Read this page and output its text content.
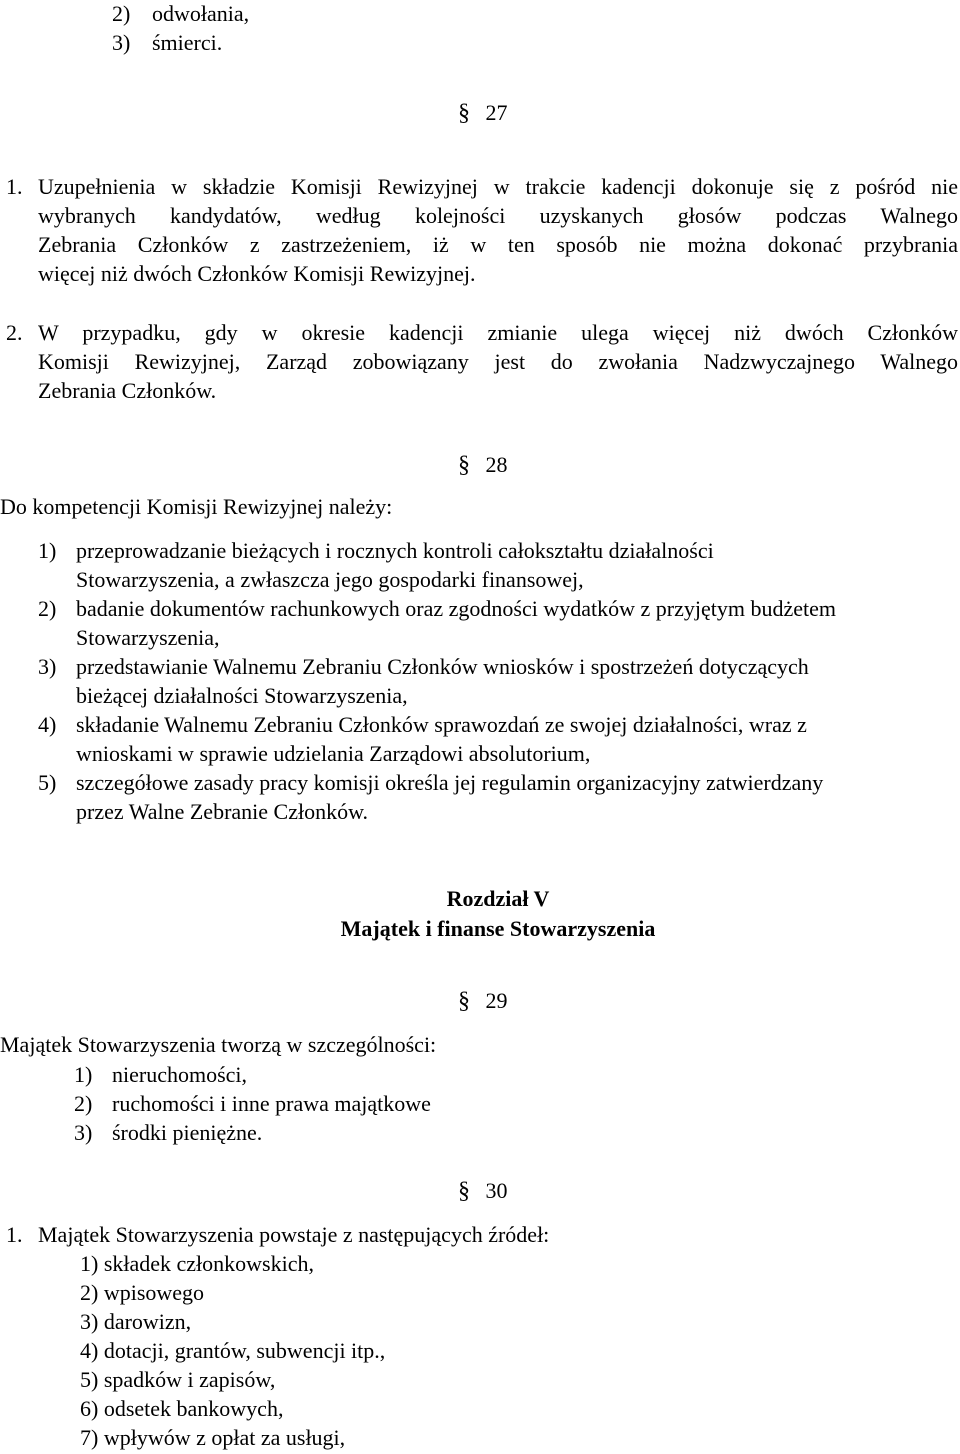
2) odwołania,
3) śmierci.
§ 27
1. Uzupełnienia w składzie Komisji Rewizyjnej w trakcie kadencji dokonuje się z pośród nie
wybranych kandydatów, według kolejności uzyskanych głosów podczas Walnego
Zebrania Członków z zastrzeżeniem, iż w ten sposób nie można dokonać przybrania
więcej niż dwóch Członków Komisji Rewizyjnej.
2. W przypadku, gdy w okresie kadencji zmianie ulega więcej niż dwóch Członków
Komisji Rewizyjnej, Zarząd zobowiązany jest do zwołania Nadzwyczajnego Walnego
Zebrania Członków.
§ 28
Do kompetencji Komisji Rewizyjnej należy:
1) przeprowadzanie bieżących i rocznych kontroli całokształtu działalności
Stowarzyszenia, a zwłaszcza jego gospodarki finansowej,
2) badanie dokumentów rachunkowych oraz zgodności wydatków z przyjętym budżetem
Stowarzyszenia,
3) przedstawianie Walnemu Zebraniu Członków wniosków i spostrzeżeń dotyczących
bieżącej działalności Stowarzyszenia,
4) składanie Walnemu Zebraniu Członków sprawozdań ze swojej działalności, wraz z
wnioskami w sprawie udzielania Zarządowi absolutorium,
5) szczegółowe zasady pracy komisji określa jej regulamin organizacyjny zatwierdzany
przez Walne Zebranie Członków.
Rozdział V
Majątek i finanse Stowarzyszenia
§ 29
Majątek Stowarzyszenia tworzą w szczególności:
1) nieruchomości,
2) ruchomości i inne prawa majątkowe
3) środki pieniężne.
§ 30
1. Majątek Stowarzyszenia powstaje z następujących źródeł:
1) składek członkowskich,
2) wpisowego
3) darowizn,
4) dotacji, grantów, subwencji itp.,
5) spadków i zapisów,
6) odsetek bankowych,
7) wpływów z opłat za usługi,
